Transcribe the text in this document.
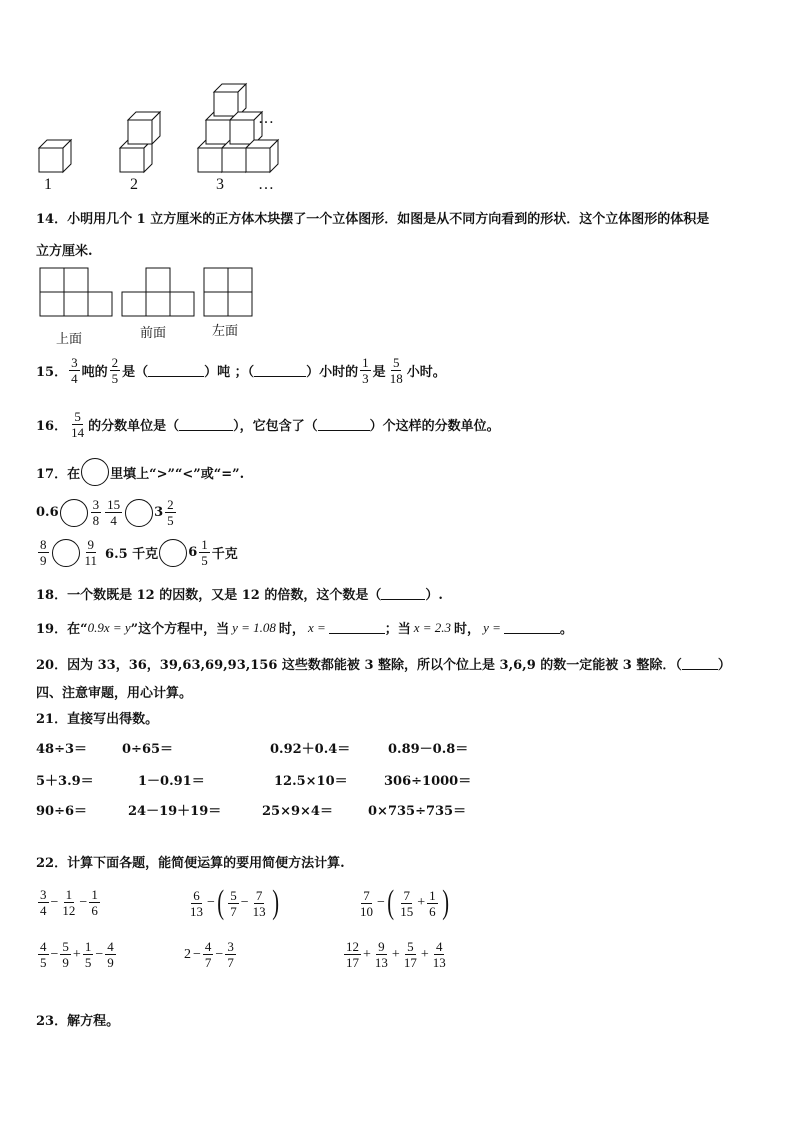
1	2	3
…
…
14．小明用几个 1 立方厘米的正方体木块摆了一个立体图形．如图是从不同方向看到的形状．这个立体图形的体积是
立方厘米.
上面	前面	左面
15． $\frac{3}{4}$ 吨的 $\frac{2}{5}$ 是（	）吨 ；（	）小时的 $\frac{1}{3}$ 是 $\frac{5}{18}$ 小时。
16． $\frac{5}{14}$ 的分数单位是（	），它包含了（	）个这样的分数单位。
17．在 里填上“>”“<”或“=”.
$0.6 \frac{3}{8} \frac{15}{4} 3 \frac{2}{5}$
$\frac{8}{9}$	$\frac{9}{11} 6.5$ 千克 $6 \frac{1}{5}$ 千克
18．一个数既是 12 的因数，又是 12 的倍数，这个数是（	）.
19．在“ 0.9x = y ”这个方程中，当 y = 1.08 时， x =	；当 x = 2.3 时， y =	。
20．因为 33，36，39,63,69,93,156 这些数都能被 3 整除，所以个位上是 3,6,9 的数一定能被 3 整除．（	）
四、注意审题，用心计算。
21．直接写出得数。
48÷3＝	0÷65＝	0.92＋0.4＝	0.89－0.8＝
5＋3.9＝	1－0.91＝	12.5×10＝	306÷1000＝
90÷6＝	24－19＋19＝	25×9×4＝	0×735÷735＝
22．计算下面各题，能简便运算的要用简便方法计算.
$\frac{3}{4} - \frac{1}{12} - \frac{1}{6}$	$\frac{6}{13}$ − ( $\frac{5}{7} - \frac{7}{13}$ )	$\frac{7}{10}$ − ( $\frac{7}{15} + \frac{1}{6}$ )
$\frac{4}{5} - \frac{5}{9} + \frac{1}{5} - \frac{4}{9}$	$2 - \frac{4}{7} - \frac{3}{7}$	$\frac{12}{17} + \frac{9}{13} + \frac{5}{17} + \frac{4}{13}$
23．解方程。
